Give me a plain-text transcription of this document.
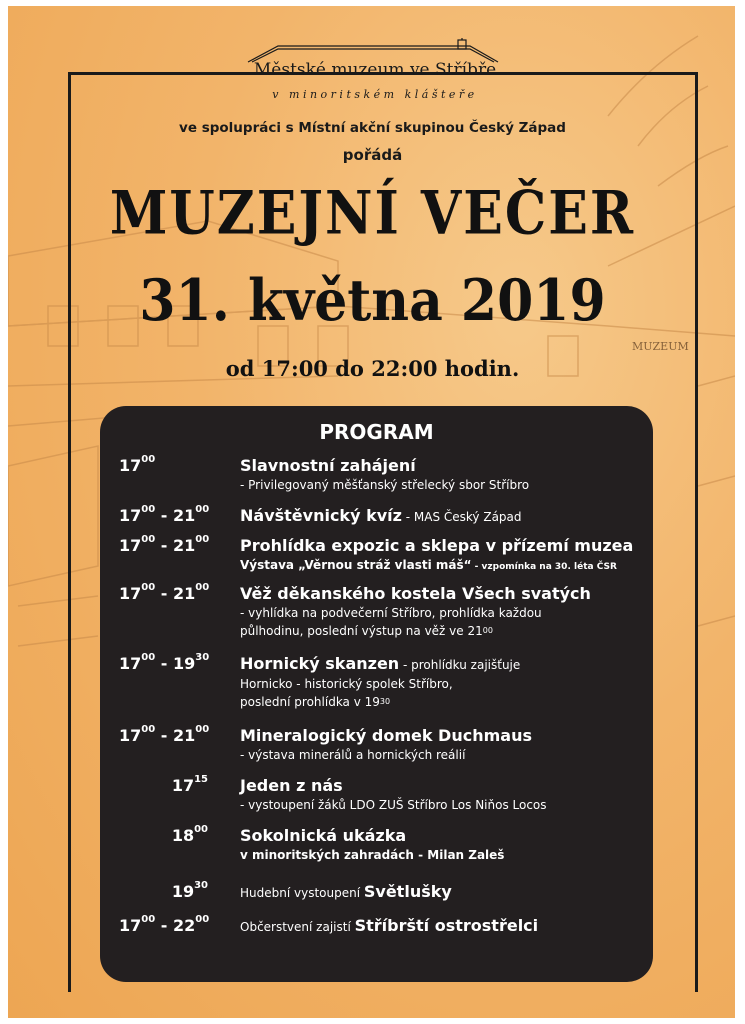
MUZEUM
Městské muzeum ve Stříbře
v minoritském klášteře
ve spolupráci s Místní akční skupinou Český Západ
pořádá
MUZEJNÍ VEČER
31. května 2019
od 17:00 do 22:00 hodin.
PROGRAM
$17^{00}$	Slavnostní zahájení
- Privilegovaný měšťanský střelecký sbor Stříbro
$17^{00} - 21^{00}$ Návštěvnický kvíz - MAS Český Západ
$17^{00} - 21^{00}$ Prohlídka expozic a sklepa v přízemí muzea
Výstava „Věrnou stráž vlasti máš“ - vzpomínka na 30. léta ČSR
$17^{00} - 21^{00}$ Věž děkanského kostela Všech svatých
- vyhlídka na podvečerní Stříbro, prohlídka každou
půlhodinu, poslední výstup na věž ve $21^{00}$
$17^{00} - 19^{30}$ Hornický skanzen - prohlídku zajišťuje
Hornicko - historický spolek Stříbro,
poslední prohlídka v $19^{30}$
$17^{00} - 21^{00}$ Mineralogický domek Duchmaus
- výstava minerálů a hornických reálií
$17^{15}$ Jeden z nás
- vystoupení žáků LDO ZUŠ Stříbro Los Niňos Locos
$18^{00}$ Sokolnická ukázka
v minoritských zahradách - Milan Zaleš
$19^{30}$
Hudební vystoupení Světlušky
$17^{00} - 22^{00}$
Občerstvení zajistí Stříbrští ostrostřelci
